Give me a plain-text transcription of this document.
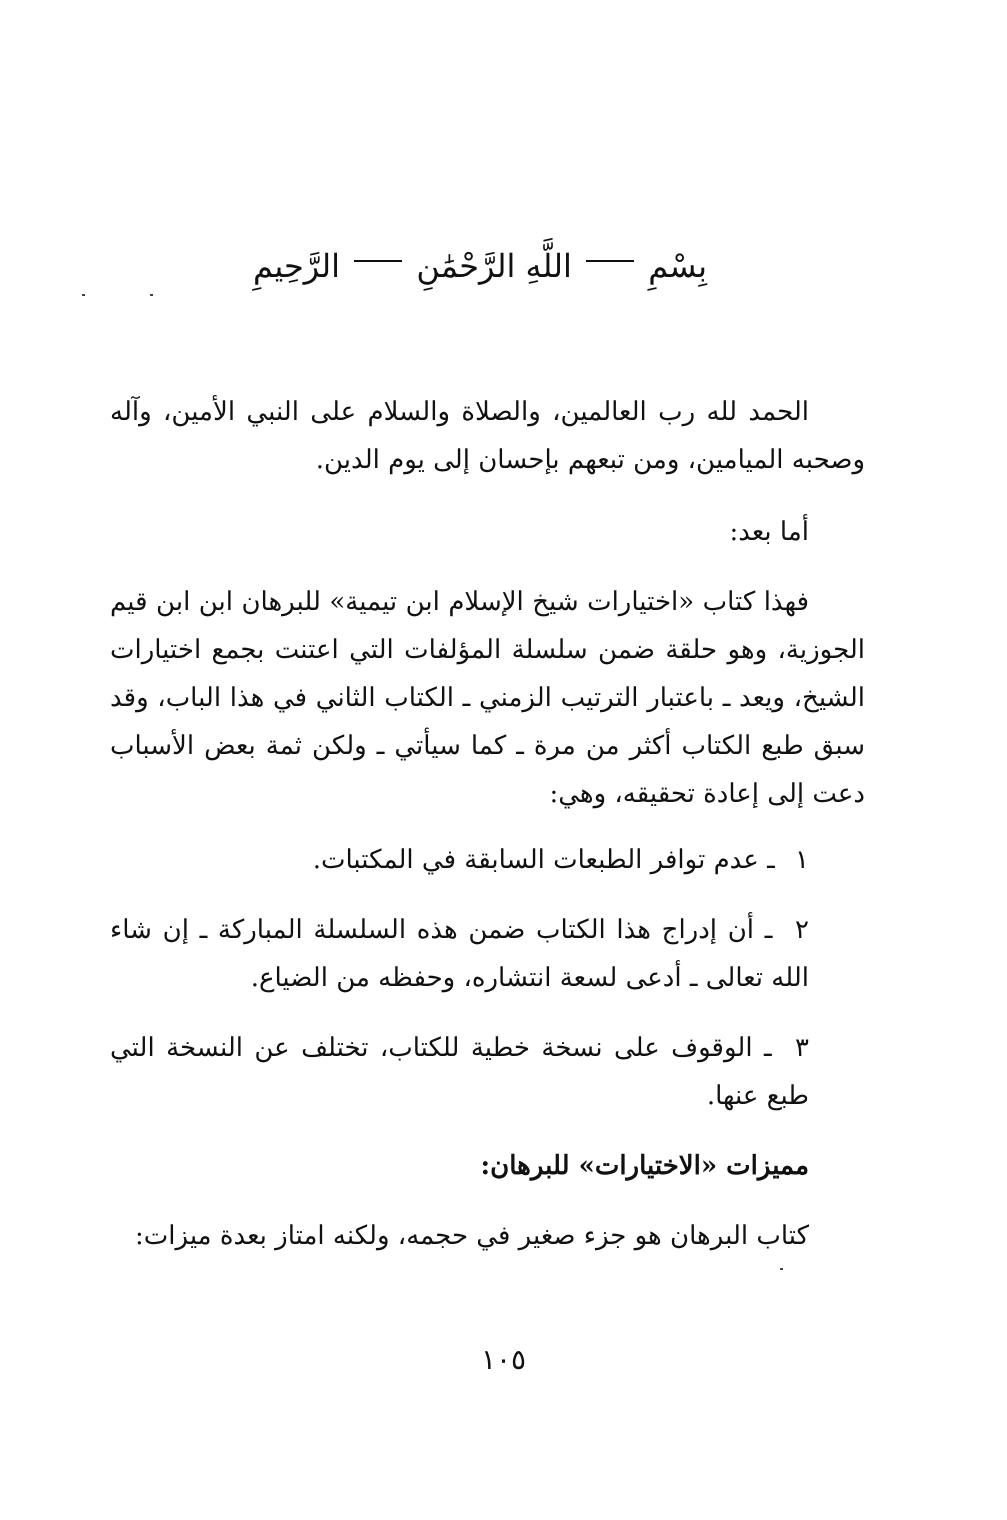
بِسْمِ  اللَّهِ الرَّحْمَٰنِ  الرَّحِيمِ

الحمد لله رب العالمين، والصلاة والسلام على النبي الأمين، وآله وصحبه الميامين، ومن تبعهم بإحسان إلى يوم الدين.

أما بعد:

فهذا كتاب «اختيارات شيخ الإسلام ابن تيمية» للبرهان ابن ابن قيم الجوزية، وهو حلقة ضمن سلسلة المؤلفات التي اعتنت بجمع اختيارات الشيخ، ويعد ـ باعتبار الترتيب الزمني ـ الكتاب الثاني في هذا الباب، وقد سبق طبع الكتاب أكثر من مرة ـ كما سيأتي ـ ولكن ثمة بعض الأسباب دعت إلى إعادة تحقيقه، وهي:

١ ـ عدم توافر الطبعات السابقة في المكتبات.

٢ ـ أن إدراج هذا الكتاب ضمن هذه السلسلة المباركة ـ إن شاء الله تعالى ـ أدعى لسعة انتشاره، وحفظه من الضياع.

٣ ـ الوقوف على نسخة خطية للكتاب، تختلف عن النسخة التي طبع عنها.

مميزات «الاختيارات» للبرهان:

كتاب البرهان هو جزء صغير في حجمه، ولكنه امتاز بعدة ميزات:

١٠٥
